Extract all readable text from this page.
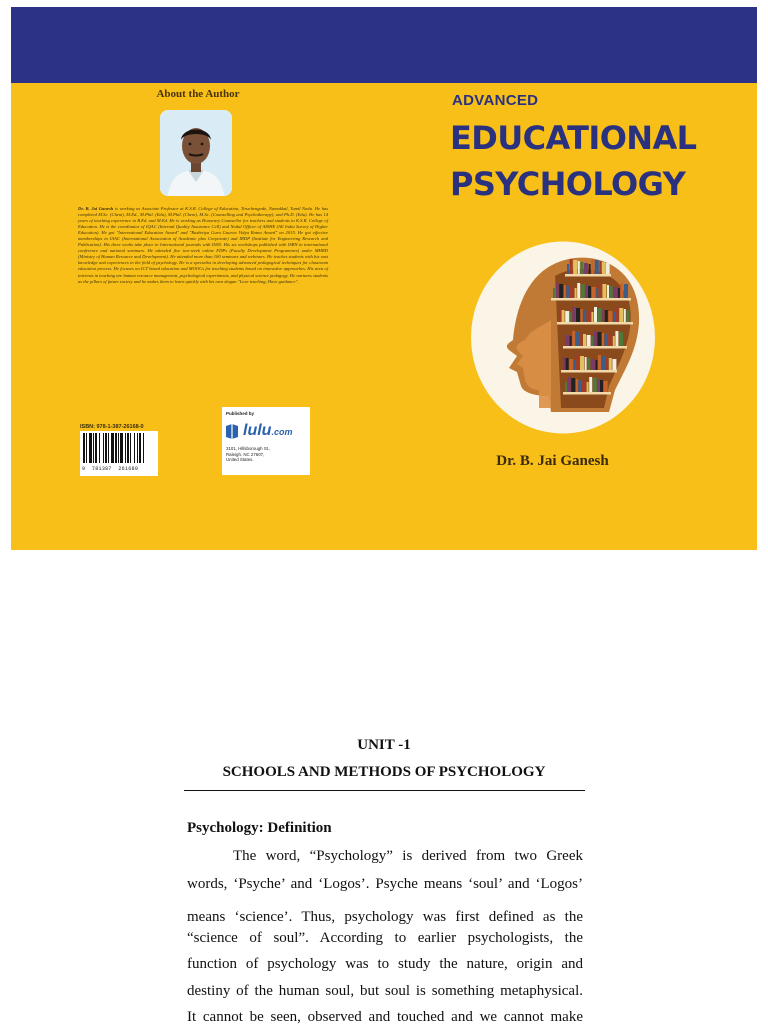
About the Author
Dr. B. Jai Ganesh is working as Associate Professor at K.S.R. College of Education, Tiruchengode, Namakkal, Tamil Nadu. He has completed M.Sc. (Chem), M.Ed., M.Phil. (Edu), M.Phil. (Chem), M.Sc. (Counselling and Psychotherapy), and Ph.D. (Edu). He has 14 years of teaching experience in B.Ed. and M.Ed. He is working as Honorary Counsellor for teachers and students in K.S.R. College of Education. He is the coordinator of IQAC (Internal Quality Assurance Cell) and Nodal Officer of AISHE (All India Survey of Higher Education). He got "International Education Award" and "Rashtriya Guru Gaurav Vidya Ratna Award" on 2015. He got effective memberships in IAAC (International Association of Academic plus Corporate) and IRDP (Institute for Engineering Research and Publication). His three works take place in International journals with ISSN. His six workshops published with ISBN in international conference and national seminars. He attended five two-week online FDPs (Faculty Development Programmes) under MHRD (Ministry of Human Resource and Development). He attended more than 100 seminars and webinars. He teaches students with his vast knowledge and experiences in the field of psychology. He is a specialist in developing advanced pedagogical techniques for classroom education process. He focuses on ICT based education and MOOCs for teaching students based on innovative approaches. His area of interests in teaching are human resource management, psychological experiments, and physical science pedagogy. He nurtures students as the pillars of future society and he makes them to learn quickly with his own slogan "Love teaching, Have guidance".
ISBN: 978-1-387-26168-0
9 781387 261680
Published by
lulu.com
3101, Hillsborough St.,
Raleigh, NC 27607,
United States.
ADVANCED
EDUCATIONAL
PSYCHOLOGY
Dr. B. Jai Ganesh
UNIT -1
SCHOOLS AND METHODS OF PSYCHOLOGY
Psychology: Definition
The word, “Psychology” is derived from two Greek
words, ‘Psyche’ and ‘Logos’. Psyche means ‘soul’ and ‘Logos’
means ‘science’. Thus, psychology was first defined as the
“science of soul”. According to earlier psychologists, the
function of psychology was to study the nature, origin and
destiny of the human soul, but soul is something metaphysical.
It cannot be seen, observed and touched and we cannot make
